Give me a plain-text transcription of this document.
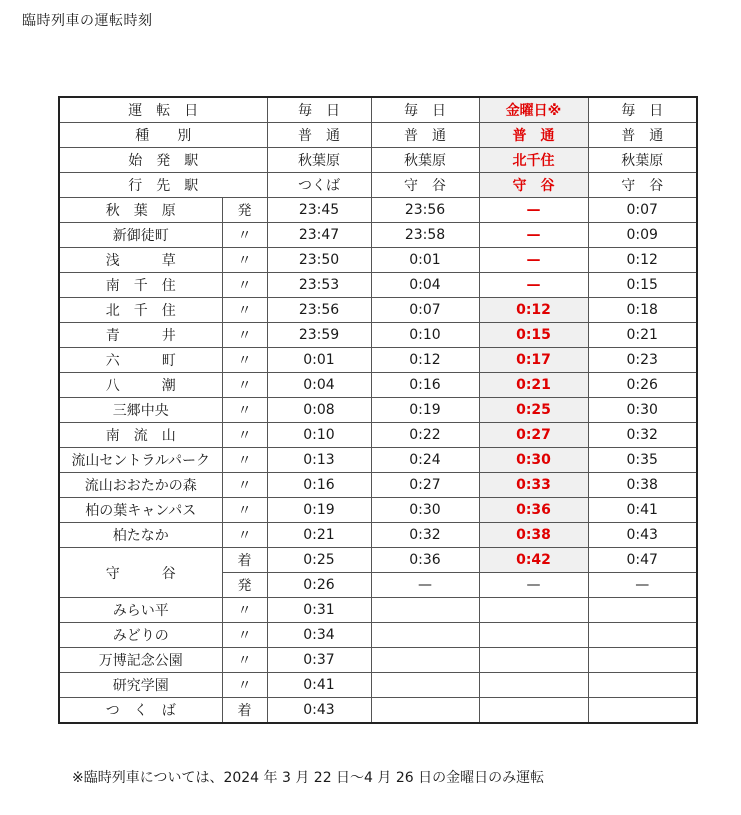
臨時列車の運転時刻
運　転　日		毎　日	毎　日	金曜日※	毎　日
種　　別		普　通	普　通	普　通	普　通
始　発　駅		秋葉原	秋葉原	北千住	秋葉原
行　先　駅		つくば	守　谷	守　谷	守　谷
秋　葉　原	発	23:45	23:56	—	0:07
新御徒町	〃	23:47	23:58	—	0:09
浅　　　草	〃	23:50	0:01	—	0:12
南　千　住	〃	23:53	0:04	—	0:15
北　千　住	〃	23:56	0:07	0:12	0:18
青　　　井	〃	23:59	0:10	0:15	0:21
六　　　町	〃	0:01	0:12	0:17	0:23
八　　　潮	〃	0:04	0:16	0:21	0:26
三郷中央	〃	0:08	0:19	0:25	0:30
南　流　山	〃	0:10	0:22	0:27	0:32
流山セントラルパーク	〃	0:13	0:24	0:30	0:35
流山おおたかの森	〃	0:16	0:27	0:33	0:38
柏の葉キャンパス	〃	0:19	0:30	0:36	0:41
柏たなか	〃	0:21	0:32	0:38	0:43
守　　　谷	着	0:25	0:36	0:42	0:47
	発	0:26	—	—	—
みらい平	〃	0:31			
みどりの	〃	0:34			
万博記念公園	〃	0:37			
研究学園	〃	0:41			
つ　く　ば	着	0:43			
※臨時列車については、2024 年 3 月 22 日～4 月 26 日の金曜日のみ運転
